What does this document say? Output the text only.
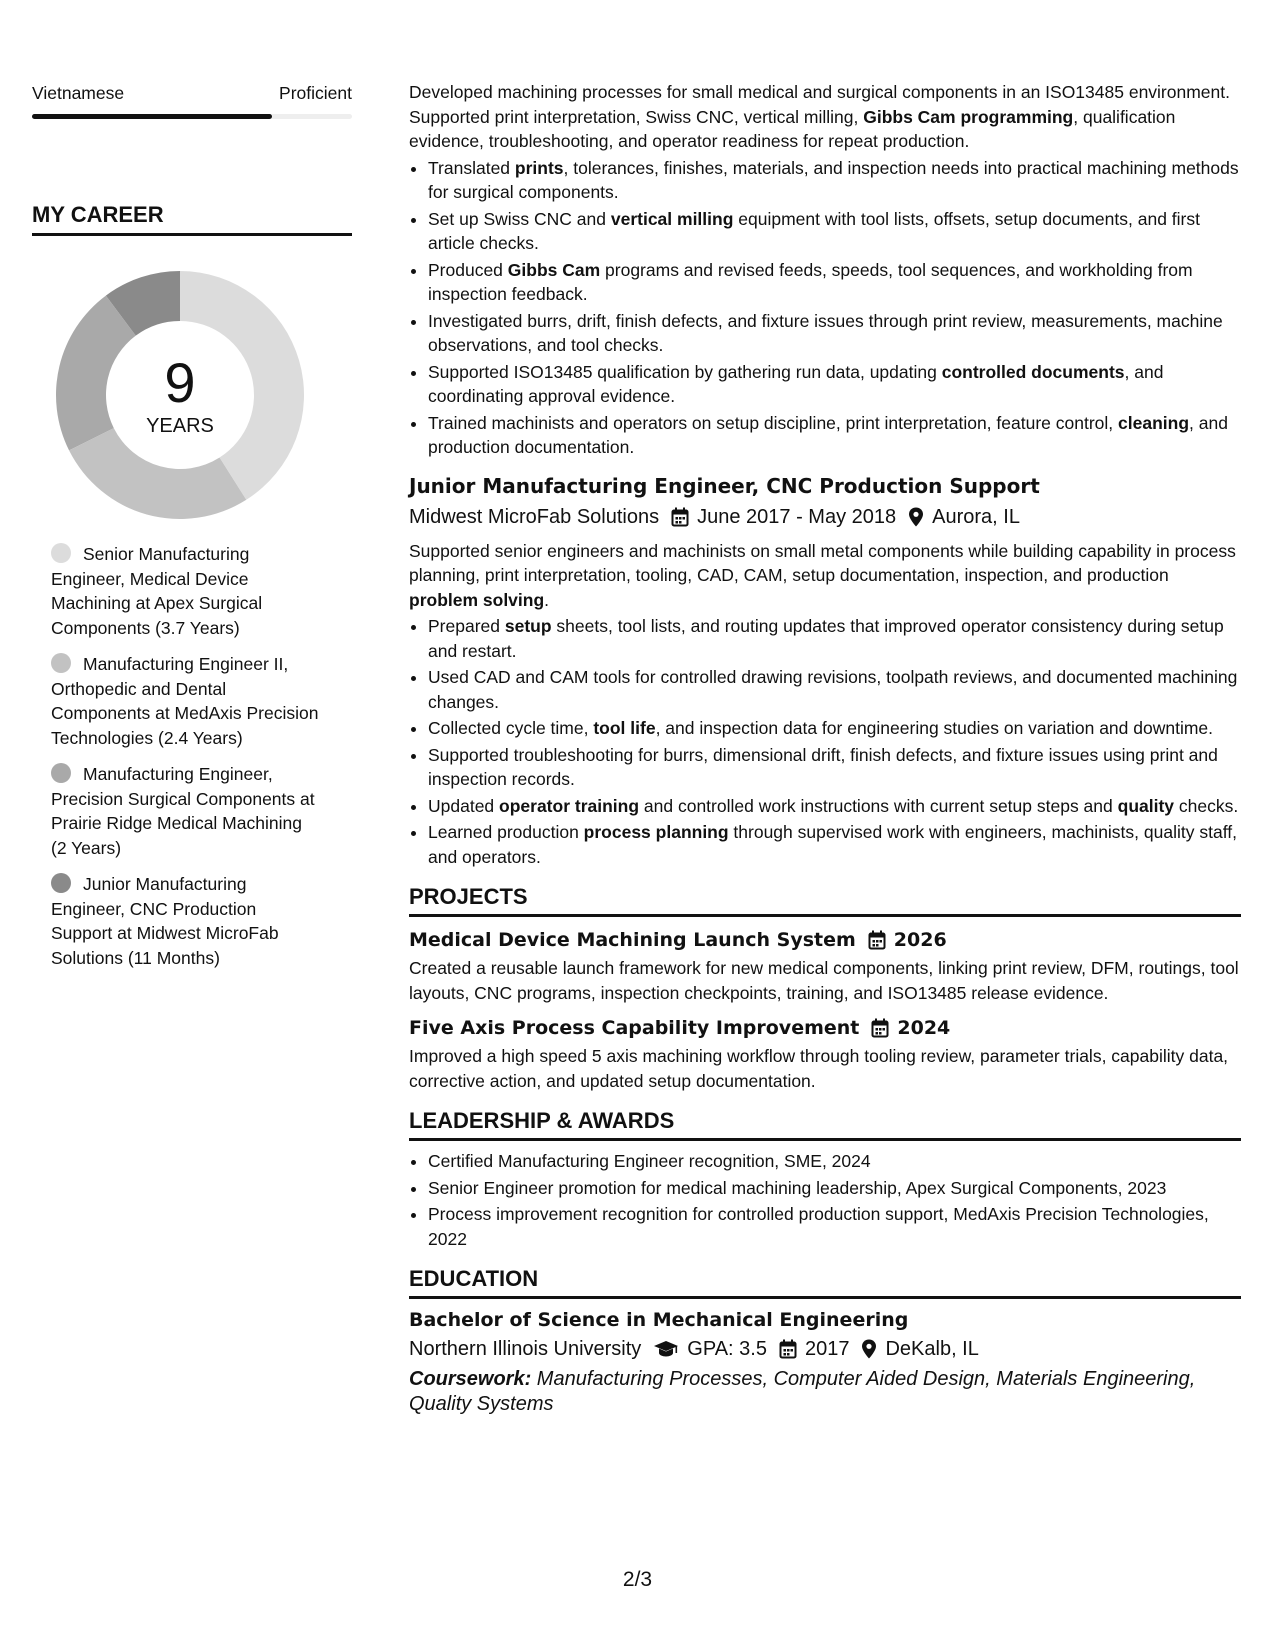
Vietnamese	Proficient
MY CAREER
9
YEARS
Senior Manufacturing Engineer, Medical Device Machining at Apex Surgical Components (3.7 Years)
Manufacturing Engineer II, Orthopedic and Dental Components at MedAxis Precision Technologies (2.4 Years)
Manufacturing Engineer, Precision Surgical Components at Prairie Ridge Medical Machining (2 Years)
Junior Manufacturing Engineer, CNC Production Support at Midwest MicroFab Solutions (11 Months)

Developed machining processes for small medical and surgical components in an ISO13485 environment. Supported print interpretation, Swiss CNC, vertical milling, Gibbs Cam programming, qualification evidence, troubleshooting, and operator readiness for repeat production.

• Translated prints, tolerances, finishes, materials, and inspection needs into practical machining methods for surgical components.
• Set up Swiss CNC and vertical milling equipment with tool lists, offsets, setup documents, and first article checks.
• Produced Gibbs Cam programs and revised feeds, speeds, tool sequences, and workholding from inspection feedback.
• Investigated burrs, drift, finish defects, and fixture issues through print review, measurements, machine observations, and tool checks.
• Supported ISO13485 qualification by gathering run data, updating controlled documents, and coordinating approval evidence.
• Trained machinists and operators on setup discipline, print interpretation, feature control, cleaning, and production documentation.
Junior Manufacturing Engineer, CNC Production Support
Midwest MicroFab Solutions June 2017 - May 2018 Aurora, IL

Supported senior engineers and machinists on small metal components while building capability in process planning, print interpretation, tooling, CAD, CAM, setup documentation, inspection, and production problem solving.

• Prepared setup sheets, tool lists, and routing updates that improved operator consistency during setup and restart.
• Used CAD and CAM tools for controlled drawing revisions, toolpath reviews, and documented machining changes.
• Collected cycle time, tool life, and inspection data for engineering studies on variation and downtime.
• Supported troubleshooting for burrs, dimensional drift, finish defects, and fixture issues using print and inspection records.
• Updated operator training and controlled work instructions with current setup steps and quality checks.
• Learned production process planning through supervised work with engineers, machinists, quality staff, and operators.
PROJECTS
Medical Device Machining Launch System 2026

Created a reusable launch framework for new medical components, linking print review, DFM, routings, tool layouts, CNC programs, inspection checkpoints, training, and ISO13485 release evidence.

Five Axis Process Capability Improvement 2024

Improved a high speed 5 axis machining workflow through tooling review, parameter trials, capability data, corrective action, and updated setup documentation.

LEADERSHIP & AWARDS
• Certified Manufacturing Engineer recognition, SME, 2024
• Senior Engineer promotion for medical machining leadership, Apex Surgical Components, 2023
• Process improvement recognition for controlled production support, MedAxis Precision Technologies, 2022
EDUCATION
Bachelor of Science in Mechanical Engineering
Northern Illinois University GPA: 3.5 2017 DeKalb, IL
Coursework: Manufacturing Processes, Computer Aided Design, Materials Engineering, Quality Systems
2/3
